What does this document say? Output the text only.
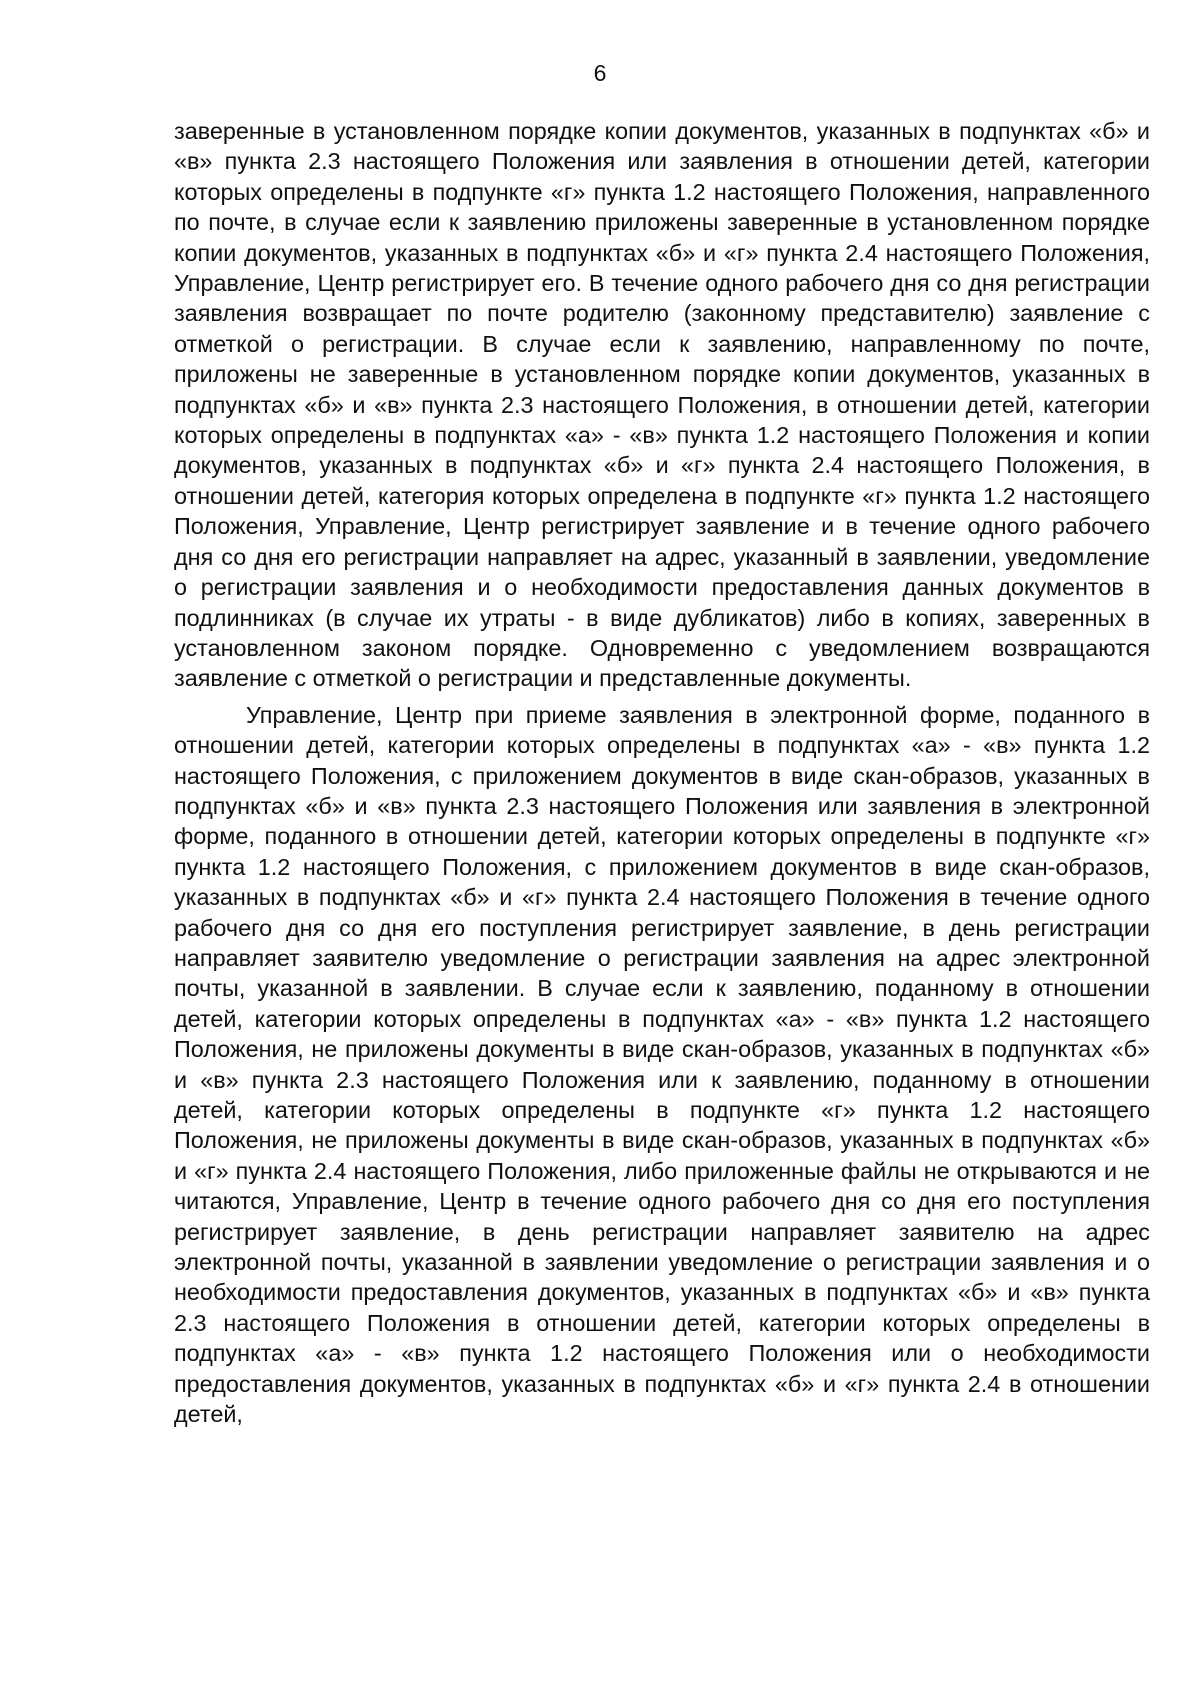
6

заверенные в установленном порядке копии документов, указанных в подпунктах «б» и «в» пункта 2.3 настоящего Положения или заявления в отношении детей, категории которых определены в подпункте «г» пункта 1.2 настоящего Положения, направленного по почте, в случае если к заявлению приложены заверенные в установленном порядке копии документов, указанных в подпунктах «б» и «г» пункта 2.4 настоящего Положения, Управление, Центр регистрирует его. В течение одного рабочего дня со дня регистрации заявления возвращает по почте родителю (законному представителю) заявление с отметкой о регистрации. В случае если к заявлению, направленному по почте, приложены не заверенные в установленном порядке копии документов, указанных в подпунктах «б» и «в» пункта 2.3 настоящего Положения, в отношении детей, категории которых определены в подпунктах «а» - «в» пункта 1.2 настоящего Положения и копии документов, указанных в подпунктах «б» и «г» пункта 2.4 настоящего Положения, в отношении детей, категория которых определена в подпункте «г» пункта 1.2 настоящего Положения, Управление, Центр регистрирует заявление и в течение одного рабочего дня со дня его регистрации направляет на адрес, указанный в заявлении, уведомление о регистрации заявления и о необходимости предоставления данных документов в подлинниках (в случае их утраты - в виде дубликатов) либо в копиях, заверенных в установленном законом порядке. Одновременно с уведомлением возвращаются заявление с отметкой о регистрации и представленные документы.

Управление, Центр при приеме заявления в электронной форме, поданного в отношении детей, категории которых определены в подпунктах «а» - «в» пункта 1.2 настоящего Положения, с приложением документов в виде скан-образов, указанных в подпунктах «б» и «в» пункта 2.3 настоящего Положения или заявления в электронной форме, поданного в отношении детей, категории которых определены в подпункте «г» пункта 1.2 настоящего Положения, с приложением документов в виде скан-образов, указанных в подпунктах «б» и «г» пункта 2.4 настоящего Положения в течение одного рабочего дня со дня его поступления регистрирует заявление, в день регистрации направляет заявителю уведомление о регистрации заявления на адрес электронной почты, указанной в заявлении. В случае если к заявлению, поданному в отношении детей, категории которых определены в подпунктах «а» - «в» пункта 1.2 настоящего Положения, не приложены документы в виде скан-образов, указанных в подпунктах «б» и «в» пункта 2.3 настоящего Положения или к заявлению, поданному в отношении детей, категории которых определены в подпункте «г» пункта 1.2 настоящего Положения, не приложены документы в виде скан-образов, указанных в подпунктах «б» и «г» пункта 2.4 настоящего Положения, либо приложенные файлы не открываются и не читаются, Управление, Центр в течение одного рабочего дня со дня его поступления регистрирует заявление, в день регистрации направляет заявителю на адрес электронной почты, указанной в заявлении уведомление о регистрации заявления и о необходимости предоставления документов, указанных в подпунктах «б» и «в» пункта 2.3 настоящего Положения в отношении детей, категории которых определены в подпунктах «а» - «в» пункта 1.2 настоящего Положения или о необходимости предоставления документов, указанных в подпунктах «б» и «г» пункта 2.4 в отношении детей,
